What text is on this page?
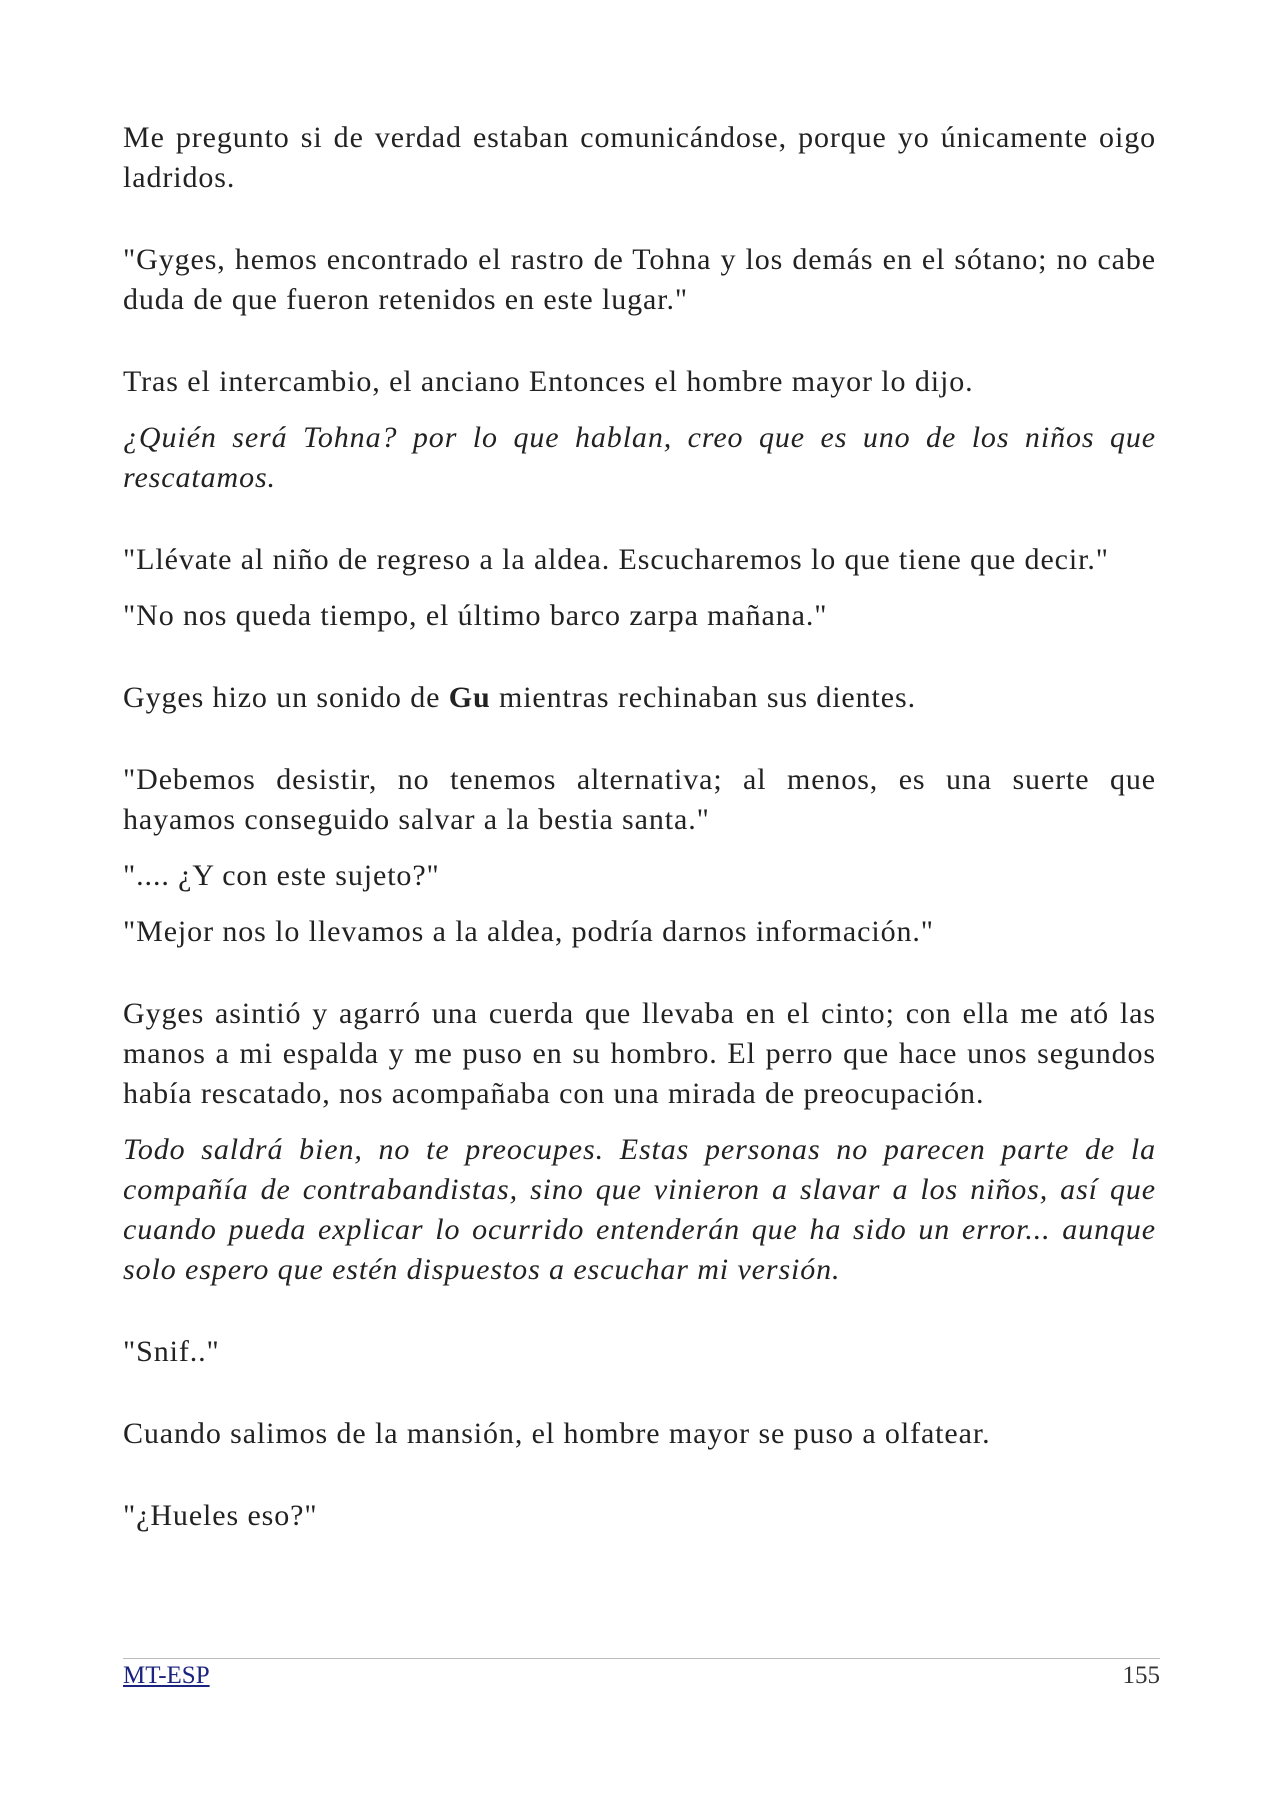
Me pregunto si de verdad estaban comunicándose, porque yo únicamente oigo ladridos.

"Gyges, hemos encontrado el rastro de Tohna y los demás en el sótano; no cabe duda de que fueron retenidos en este lugar."

Tras el intercambio, el anciano Entonces el hombre mayor lo dijo.

¿Quién será Tohna? por lo que hablan, creo que es uno de los niños que rescatamos.

"Llévate al niño de regreso a la aldea. Escucharemos lo que tiene que decir."

"No nos queda tiempo, el último barco zarpa mañana."

Gyges hizo un sonido de Gu mientras rechinaban sus dientes.

"Debemos desistir, no tenemos alternativa; al menos, es una suerte que hayamos conseguido salvar a la bestia santa."

".... ¿Y con este sujeto?"

"Mejor nos lo llevamos a la aldea, podría darnos información."

Gyges asintió y agarró una cuerda que llevaba en el cinto; con ella me ató las manos a mi espalda y me puso en su hombro. El perro que hace unos segundos había rescatado, nos acompañaba con una mirada de preocupación.

Todo saldrá bien, no te preocupes. Estas personas no parecen parte de la compañía de contrabandistas, sino que vinieron a slavar a los niños, así que cuando pueda explicar lo ocurrido entenderán que ha sido un error... aunque solo espero que estén dispuestos a escuchar mi versión.

"Snif.."

Cuando salimos de la mansión, el hombre mayor se puso a olfatear.

"¿Hueles eso?"

MT-ESP	155
